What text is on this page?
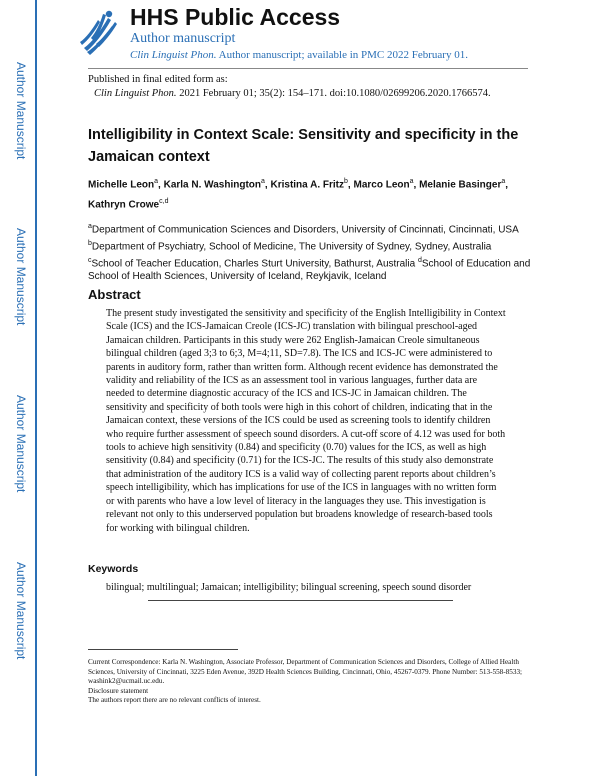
Author Manuscript
Author Manuscript
Author Manuscript
Author Manuscript
HHS Public Access
Author manuscript
Clin Linguist Phon. Author manuscript; available in PMC 2022 February 01.
Published in final edited form as:
Clin Linguist Phon. 2021 February 01; 35(2): 154–171. doi:10.1080/02699206.2020.1766574.
Intelligibility in Context Scale: Sensitivity and specificity in the Jamaican context
Michelle Leon$^a$, Karla N. Washington$^a$, Kristina A. Fritz$^b$, Marco Leon$^a$, Melanie Basinger$^a$, Kathryn Crowe$^{c,d}$
$^a$Department of Communication Sciences and Disorders, University of Cincinnati, Cincinnati, USA
$^b$Department of Psychiatry, School of Medicine, The University of Sydney, Sydney, Australia
$^c$School of Teacher Education, Charles Sturt University, Bathurst, Australia $^d$School of Education and School of Health Sciences, University of Iceland, Reykjavik, Iceland
Abstract

The present study investigated the sensitivity and specificity of the English Intelligibility in Context Scale (ICS) and the ICS-Jamaican Creole (ICS-JC) translation with bilingual preschool-aged Jamaican children. Participants in this study were 262 English-Jamaican Creole simultaneous bilingual children (aged 3;3 to 6;3, M=4;11, SD=7.8). The ICS and ICS-JC were administered to parents in auditory form, rather than written form. Although recent evidence has demonstrated the validity and reliability of the ICS as an assessment tool in various languages, further data are needed to determine diagnostic accuracy of the ICS and ICS-JC in Jamaican children. The sensitivity and specificity of both tools were high in this cohort of children, indicating that in the Jamaican context, these versions of the ICS could be used as screening tools to identify children who require further assessment of speech sound disorders. A cut-off score of 4.12 was used for both tools to achieve high sensitivity (0.84) and specificity (0.70) values for the ICS, as well as high sensitivity (0.84) and specificity (0.71) for the ICS-JC. The results of this study also demonstrate that administration of the auditory ICS is a valid way of collecting parent reports about children’s speech intelligibility, which has implications for use of the ICS in languages with no written form or with parents who have a low level of literacy in the languages they use. This investigation is relevant not only to this underserved population but broadens knowledge of research-based tools for working with bilingual children.

Keywords
bilingual; multilingual; Jamaican; intelligibility; bilingual screening, speech sound disorder

Current Correspondence: Karla N. Washington, Associate Professor, Department of Communication Sciences and Disorders, College of Allied Health Sciences, University of Cincinnati, 3225 Eden Avenue, 392D Health Sciences Building, Cincinnati, Ohio, 45267-0379. Phone Number: 513-558-8533; washink2@ucmail.uc.edu.

Disclosure statement

The authors report there are no relevant conflicts of interest.
